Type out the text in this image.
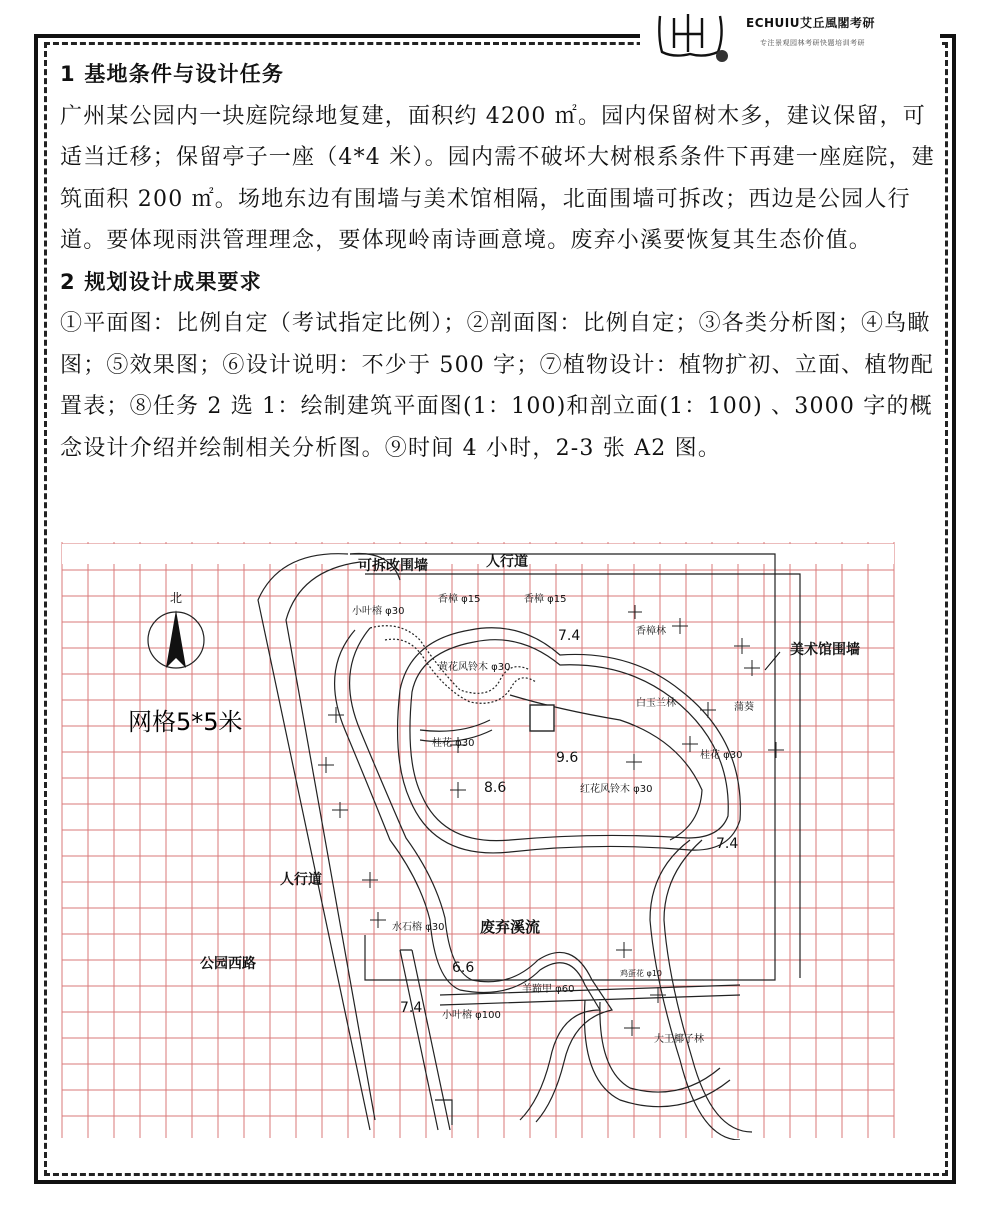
ECHUIU艾丘風閣考研
专注景观园林考研快题培训考研

1 基地条件与设计任务

广州某公园内一块庭院绿地复建，面积约 4200 ㎡。园内保留树木多，建议保留，可适当迁移；保留亭子一座（4*4 米）。园内需不破坏大树根系条件下再建一座庭院，建筑面积 200 ㎡。场地东边有围墙与美术馆相隔，北面围墙可拆改；西边是公园人行道。要体现雨洪管理理念，要体现岭南诗画意境。废弃小溪要恢复其生态价值。

2 规划设计成果要求

①平面图：比例自定（考试指定比例）；②剖面图：比例自定；③各类分析图；④鸟瞰图；⑤效果图；⑥设计说明：不少于 500 字；⑦植物设计：植物扩初、立面、植物配置表；⑧任务 2 选 1：绘制建筑平面图(1：100)和剖立面(1：100) 、3000 字的概念设计介绍并绘制相关分析图。⑨时间 4 小时，2-3 张 A2 图。

北
网格5*5米
可拆改围墙	人行道
美术馆围墙
人行道
公园西路
废弃溪流
小叶榕 φ30
香樟 φ15	香樟 φ15
香樟林
黄花风铃木 φ30
白玉兰林	蒲葵
桂花 φ30
桂花 φ30
红花风铃木 φ30
水石榕 φ30
羊蹄甲 φ60
鸡蛋花 φ10
小叶榕 φ100
大王椰子林
7.4
9.6
8.6
7.4
6.6
7.4
